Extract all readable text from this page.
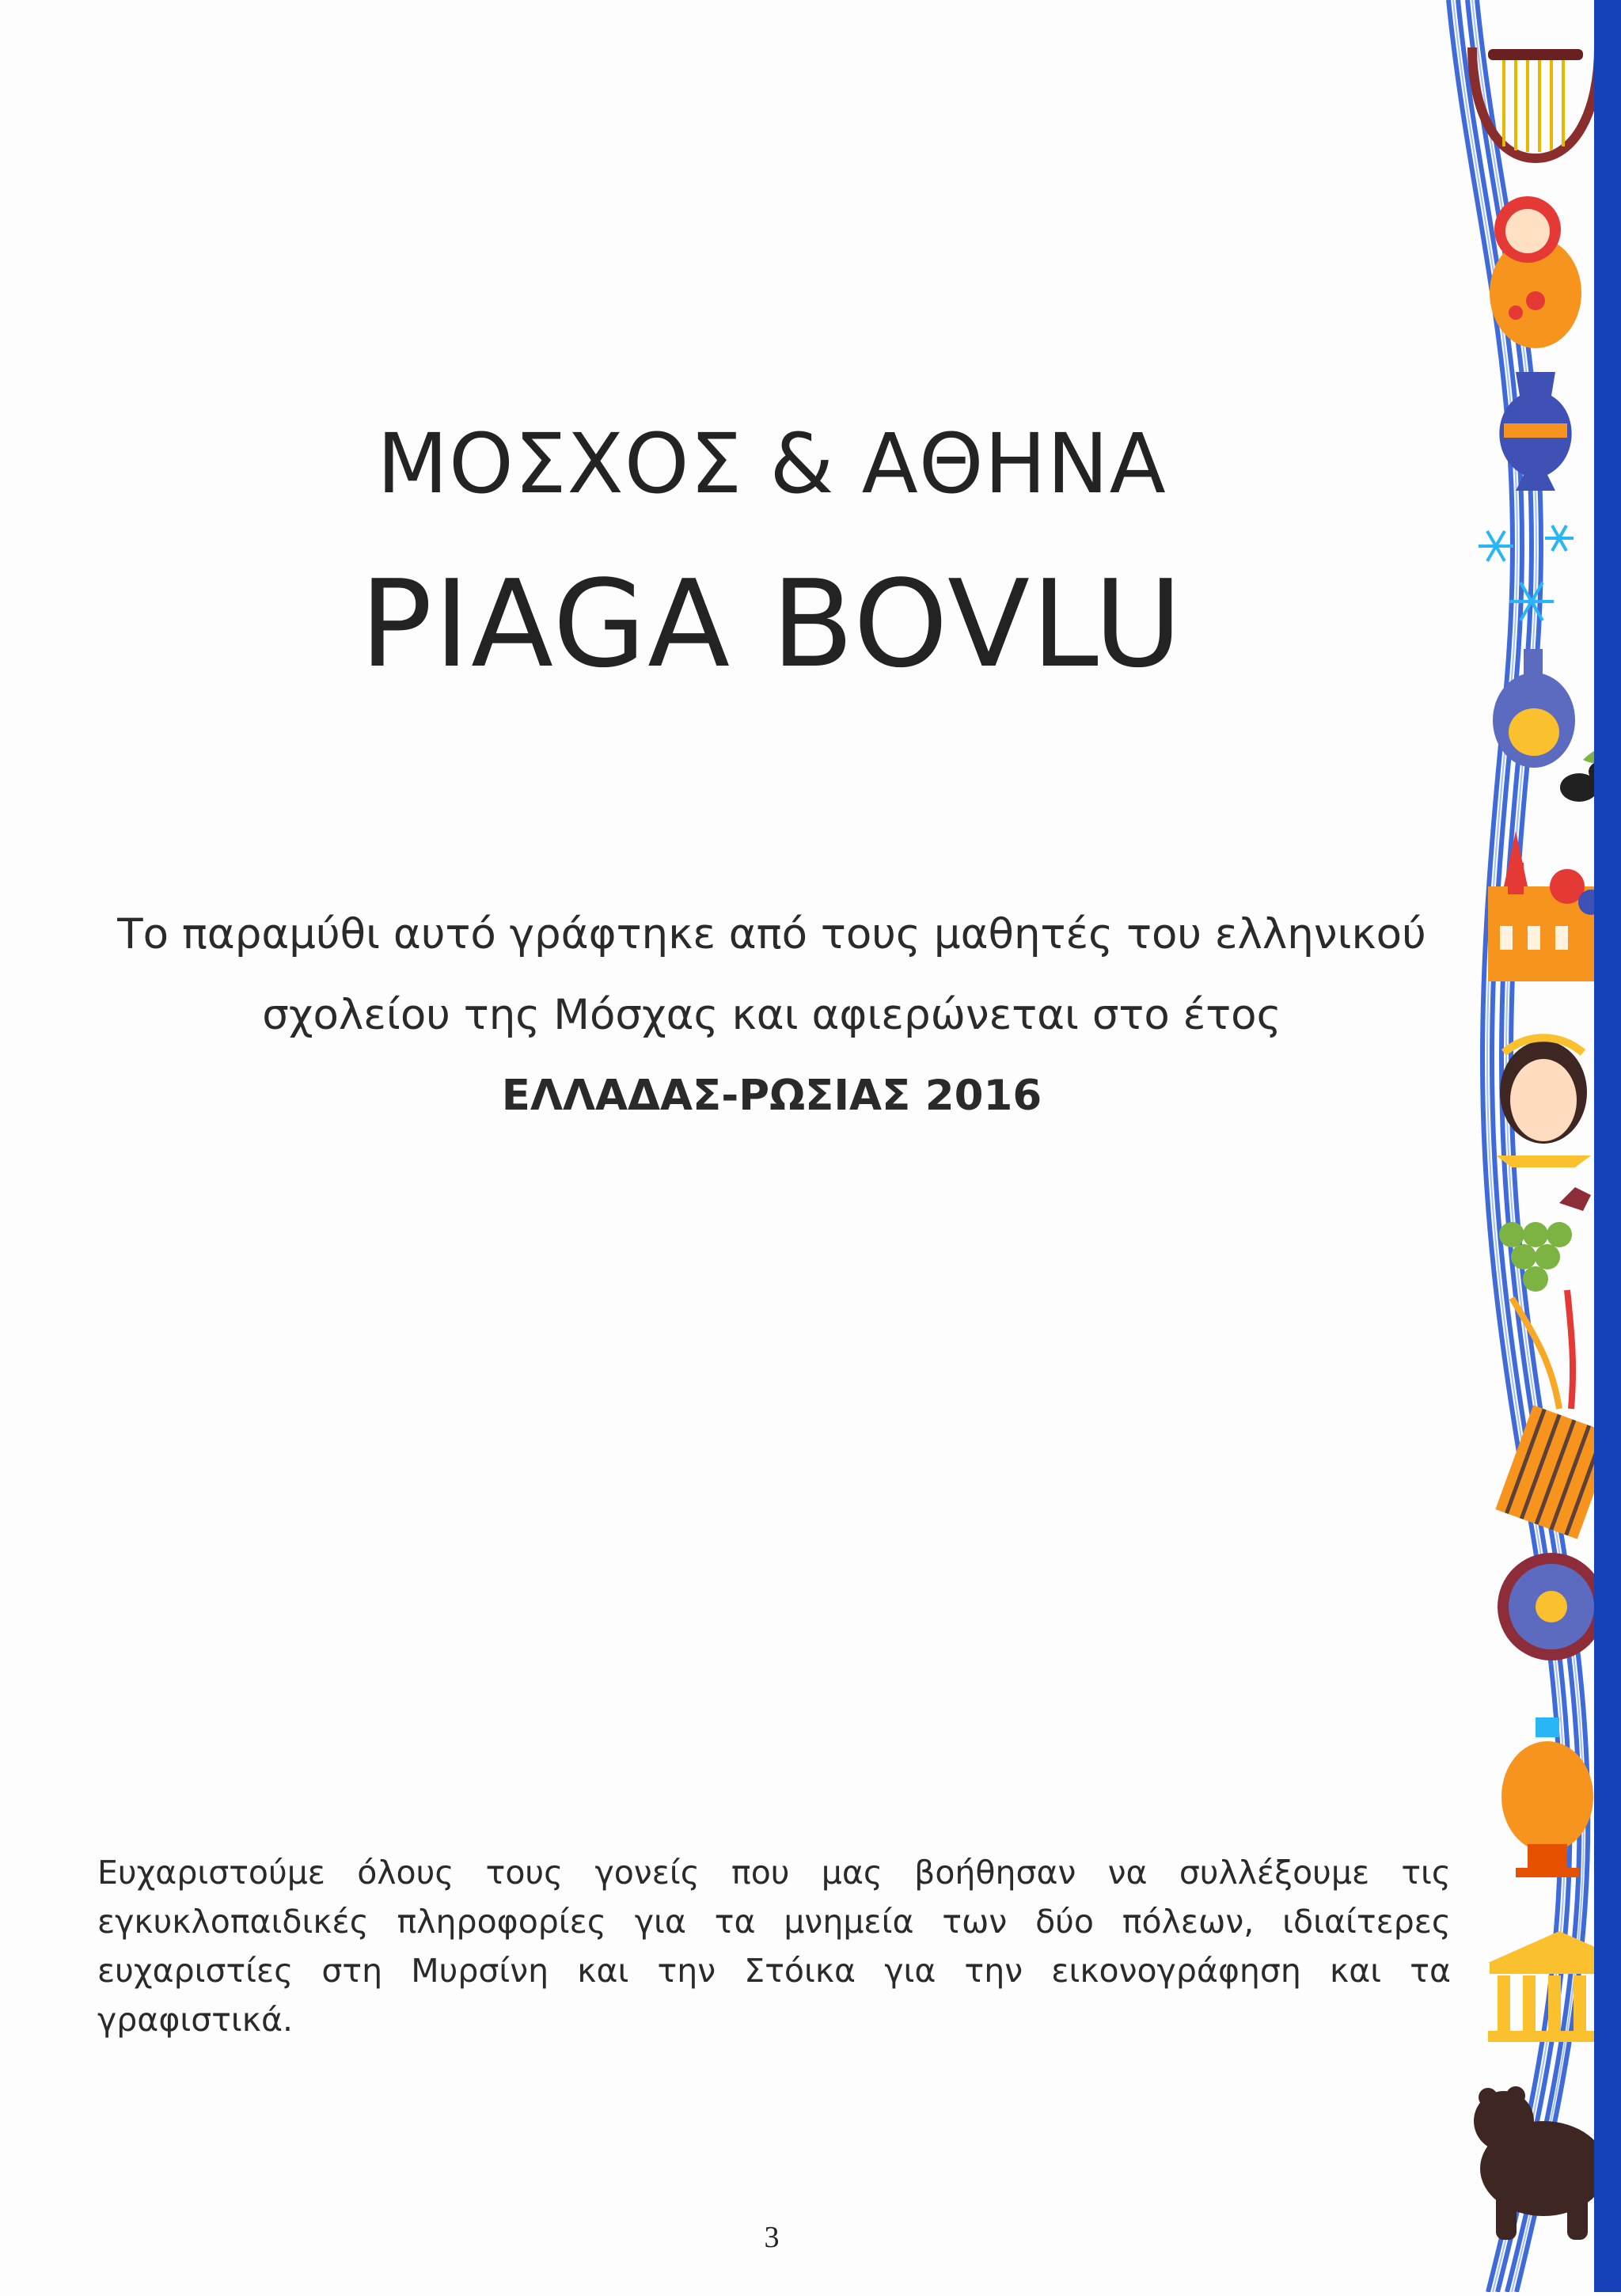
ΜΟΣΧΟΣ & ΑΘΗΝΑ
PIAGA BOVLU
Το παραμύθι αυτό γράφτηκε από τους μαθητές του ελληνικού
σχολείου της Μόσχας και αφιερώνεται στο έτος
ΕΛΛΑΔΑΣ-ΡΩΣΙΑΣ 2016
Ευχαριστούμε όλους τους γονείς που μας βοήθησαν να συλλέξουμε τις εγκυκλοπαιδικές πληροφορίες για τα μνημεία των δύο πόλεων, ιδιαίτερες ευχαριστίες στη Μυρσίνη και την Στόικα για την εικονογράφηση και τα γραφιστικά.
3
